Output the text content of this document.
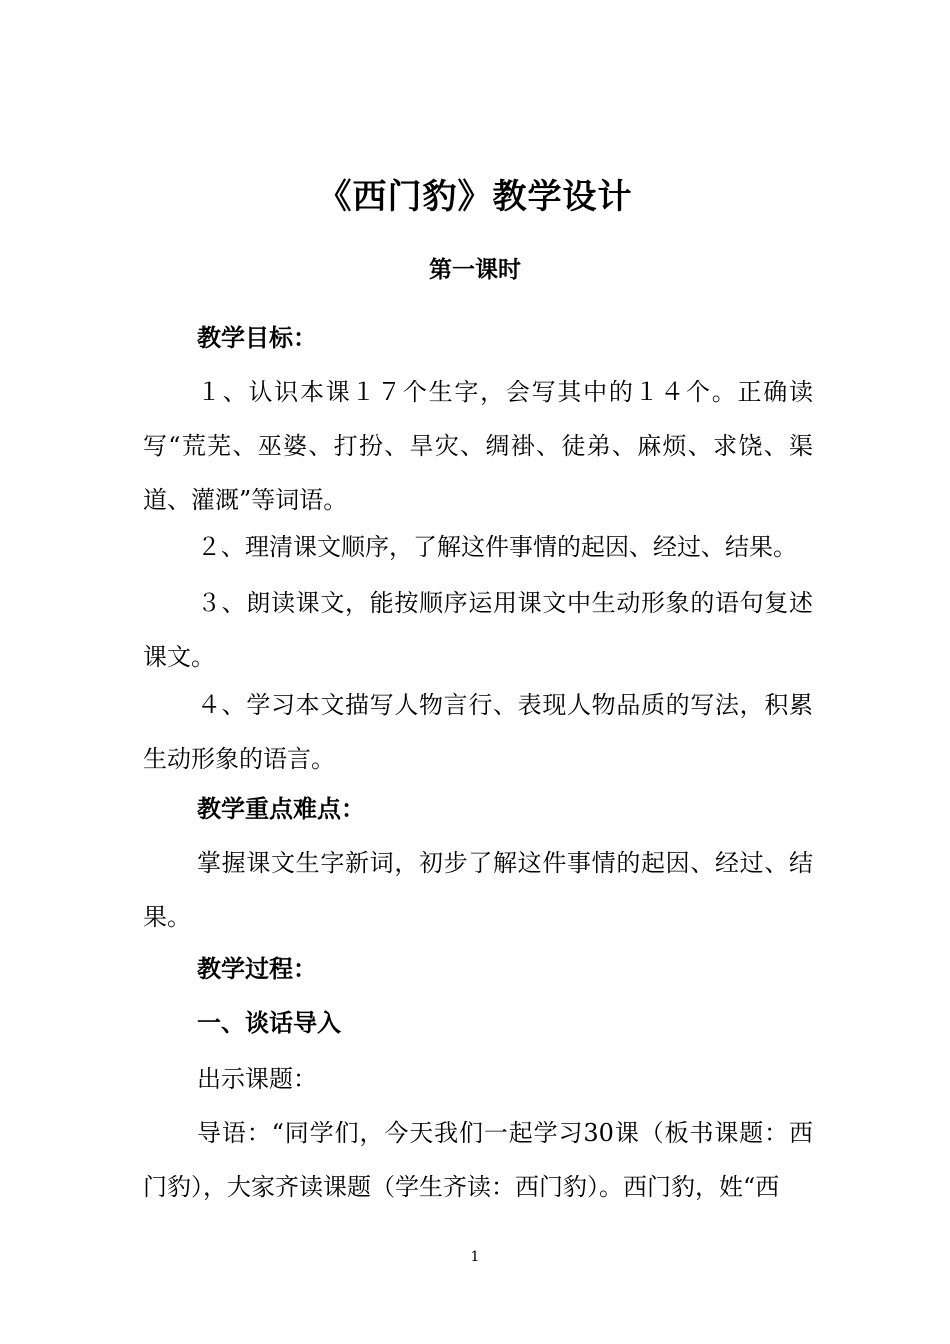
《西门豹》教学设计
第一课时
教学目标：
１、认识本课１７个生字，会写其中的１４个。正确读写“荒芜、巫婆、打扮、旱灾、绸褂、徒弟、麻烦、求饶、渠道、灌溉”等词语。
２、理清课文顺序，了解这件事情的起因、经过、结果。
３、朗读课文，能按顺序运用课文中生动形象的语句复述课文。
４、学习本文描写人物言行、表现人物品质的写法，积累生动形象的语言。
教学重点难点：
掌握课文生字新词，初步了解这件事情的起因、经过、结果。
教学过程：
一、谈话导入
出示课题：
导语：“同学们，今天我们一起学习30课（板书课题：西门豹），大家齐读课题（学生齐读：西门豹）。西门豹，姓“西
1
